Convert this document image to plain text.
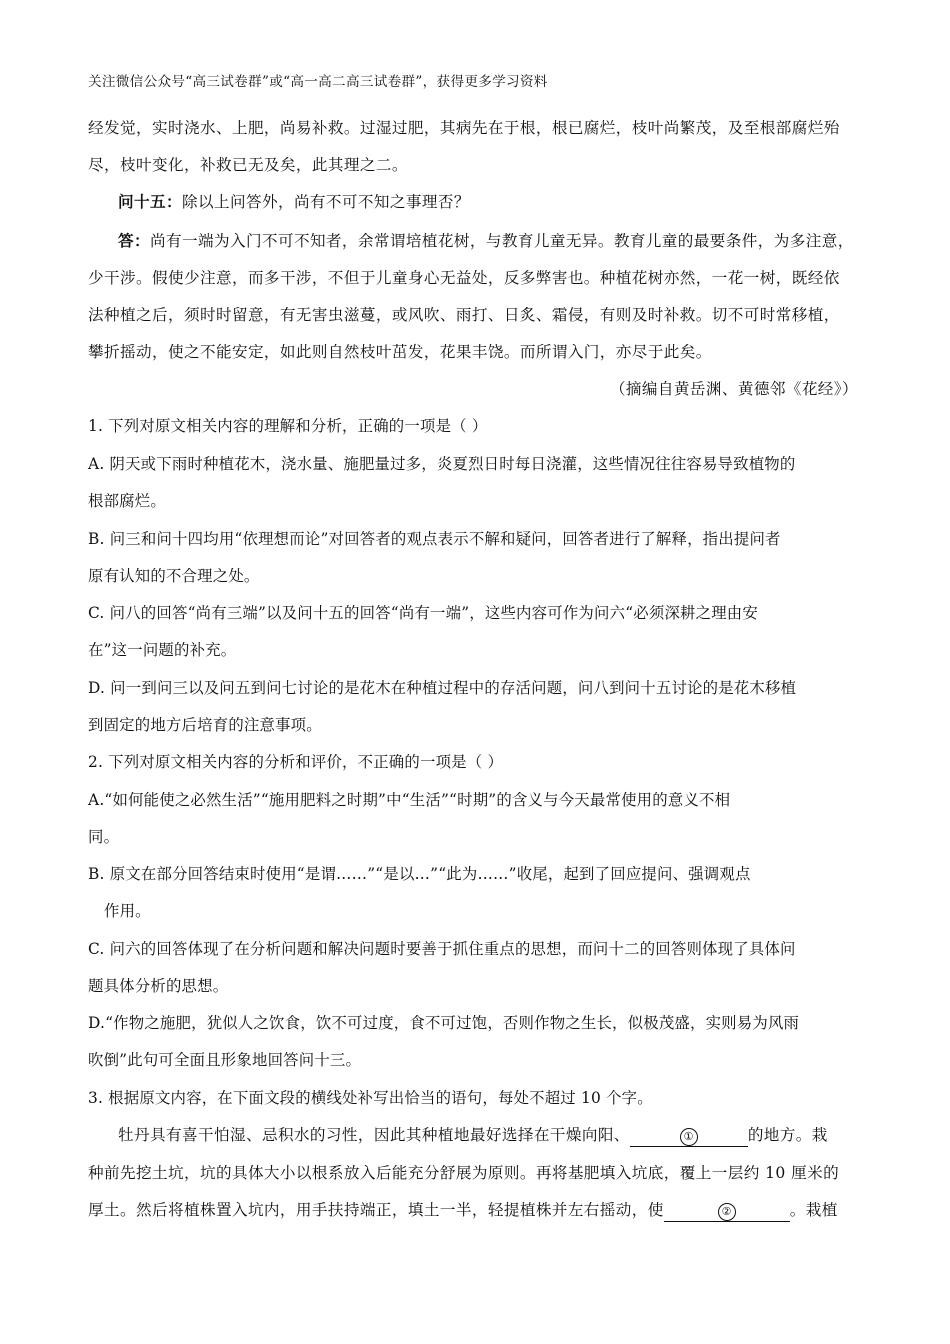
关注微信公众号“高三试卷群”或“高一高二高三试卷群”，获得更多学习资料
经发觉，实时浇水、上肥，尚易补救。过湿过肥，其病先在于根，根已腐烂，枝叶尚繁茂，及至根部腐烂殆
尽，枝叶变化，补救已无及矣，此其理之二。
问十五：除以上问答外，尚有不可不知之事理否？
答：尚有一端为入门不可不知者，余常谓培植花树，与教育儿童无异。教育儿童的最要条件，为多注意，
少干涉。假使少注意，而多干涉，不但于儿童身心无益处，反多弊害也。种植花树亦然，一花一树，既经依
法种植之后，须时时留意，有无害虫滋蔓，或风吹、雨打、日炙、霜侵，有则及时补救。切不可时常移植，
攀折摇动，使之不能安定，如此则自然枝叶茁发，花果丰饶。而所谓入门，亦尽于此矣。
（摘编自黄岳渊、黄德邻《花经》）
1. 下列对原文相关内容的理解和分析，正确的一项是（ ）
A. 阴天或下雨时种植花木，浇水量、施肥量过多，炎夏烈日时每日浇灌，这些情况往往容易导致植物的
根部腐烂。
B. 问三和问十四均用“依理想而论”对回答者的观点表示不解和疑问，回答者进行了解释，指出提问者
原有认知的不合理之处。
C. 问八的回答“尚有三端”以及问十五的回答“尚有一端”，这些内容可作为问六“必须深耕之理由安
在”这一问题的补充。
D. 问一到问三以及问五到问七讨论的是花木在种植过程中的存活问题，问八到问十五讨论的是花木移植
到固定的地方后培育的注意事项。
2. 下列对原文相关内容的分析和评价，不正确的一项是（ ）
A.“如何能使之必然生活”“施用肥料之时期”中“生活”“时期”的含义与今天最常使用的意义不相
同。
B. 原文在部分回答结束时使用“是谓……”“是以…”“此为……”收尾，起到了回应提问、强调观点
作用。
C. 问六的回答体现了在分析问题和解决问题时要善于抓住重点的思想，而问十二的回答则体现了具体问
题具体分析的思想。
D.“作物之施肥，犹似人之饮食，饮不可过度，食不可过饱，否则作物之生长，似极茂盛，实则易为风雨
吹倒”此句可全面且形象地回答问十三。
3. 根据原文内容，在下面文段的横线处补写出恰当的语句，每处不超过 10 个字。
牡丹具有喜干怕湿、忌积水的习性，因此其种植地最好选择在干燥向阳、	①	的地方。栽
种前先挖土坑，坑的具体大小以根系放入后能充分舒展为原则。再将基肥填入坑底，覆上一层约 10 厘米的
厚土。然后将植株置入坑内，用手扶持端正，填土一半，轻提植株并左右摇动，使	②	。栽植
